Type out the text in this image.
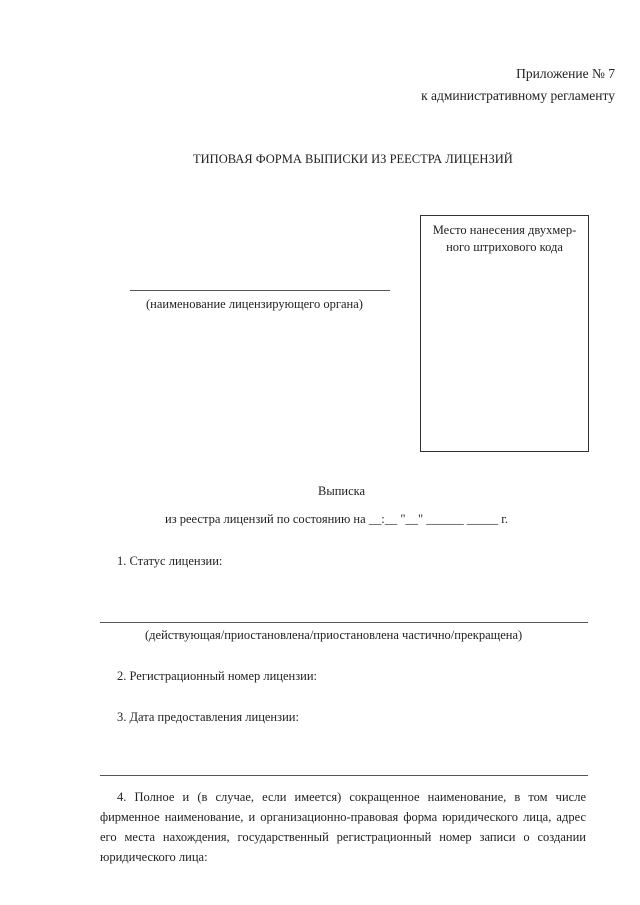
Приложение № 7
к административному регламенту
ТИПОВАЯ ФОРМА ВЫПИСКИ ИЗ РЕЕСТРА ЛИЦЕНЗИЙ
Место нанесения двухмер-
ного штрихового кода
(наименование лицензирующего органа)
Выписка
из реестра лицензий по состоянию на __:__ "__" ______ _____ г.
1. Статус лицензии:
(действующая/приостановлена/приостановлена частично/прекращена)
2. Регистрационный номер лицензии:
3. Дата предоставления лицензии:
4. Полное и (в случае, если имеется) сокращенное наименование, в том числе фирменное наименование, и организационно-правовая форма юридического лица, адрес его места нахождения, государственный регистрационный номер записи о создании юридического лица:
